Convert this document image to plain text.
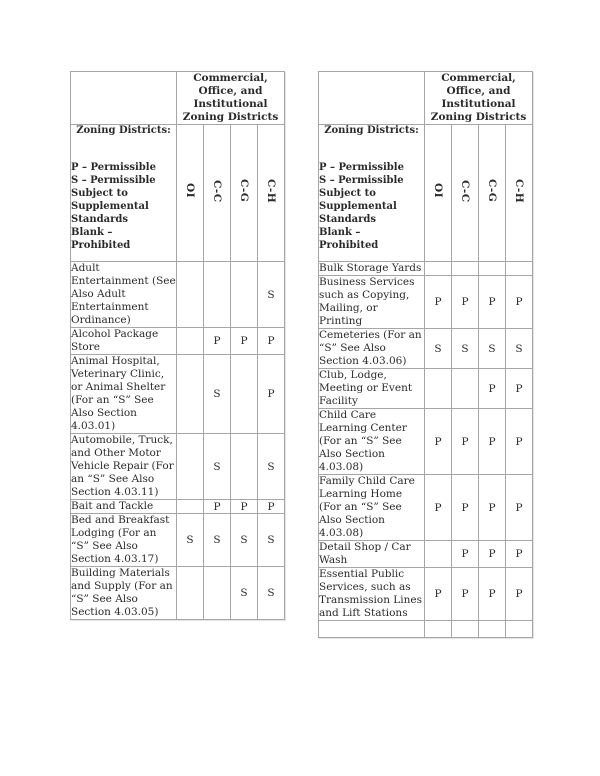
	Commercial,
Office, and
Institutional
Zoning Districts			

Zoning Districts:
P – Permissible
S – Permissible
Subject to
Supplemental
Standards
Blank –
Prohibited
	OI	C-C	C-G	C-H
Adult Entertainment (See Also Adult Entertainment Ordinance)				S
Alcohol Package Store		P	P	P
Animal Hospital, Veterinary Clinic, or Animal Shelter (For an “S” See Also Section 4.03.01)		S		P
Automobile, Truck, and Other Motor Vehicle Repair (For an “S” See Also Section 4.03.11)		S		S
Bait and Tackle		P	P	P
Bed and Breakfast Lodging (For an “S” See Also Section 4.03.17)	S	S	S	S
Building Materials and Supply (For an “S” See Also Section 4.03.05)			S	S

	Commercial,
Office, and
Institutional
Zoning Districts			

Zoning Districts:
P – Permissible
S – Permissible
Subject to
Supplemental
Standards
Blank –
Prohibited
	OI	C-C	C-G	C-H
Bulk Storage Yards				
Business Services such as Copying, Mailing, or Printing	P	P	P	P
Cemeteries (For an “S” See Also Section 4.03.06)	S	S	S	S
Club, Lodge, Meeting or Event Facility			P	P
Child Care Learning Center (For an “S” See Also Section 4.03.08)	P	P	P	P
Family Child Care Learning Home (For an “S” See Also Section 4.03.08)	P	P	P	P
Detail Shop / Car Wash		P	P	P
Essential Public Services, such as Transmission Lines and Lift Stations	P	P	P	P
